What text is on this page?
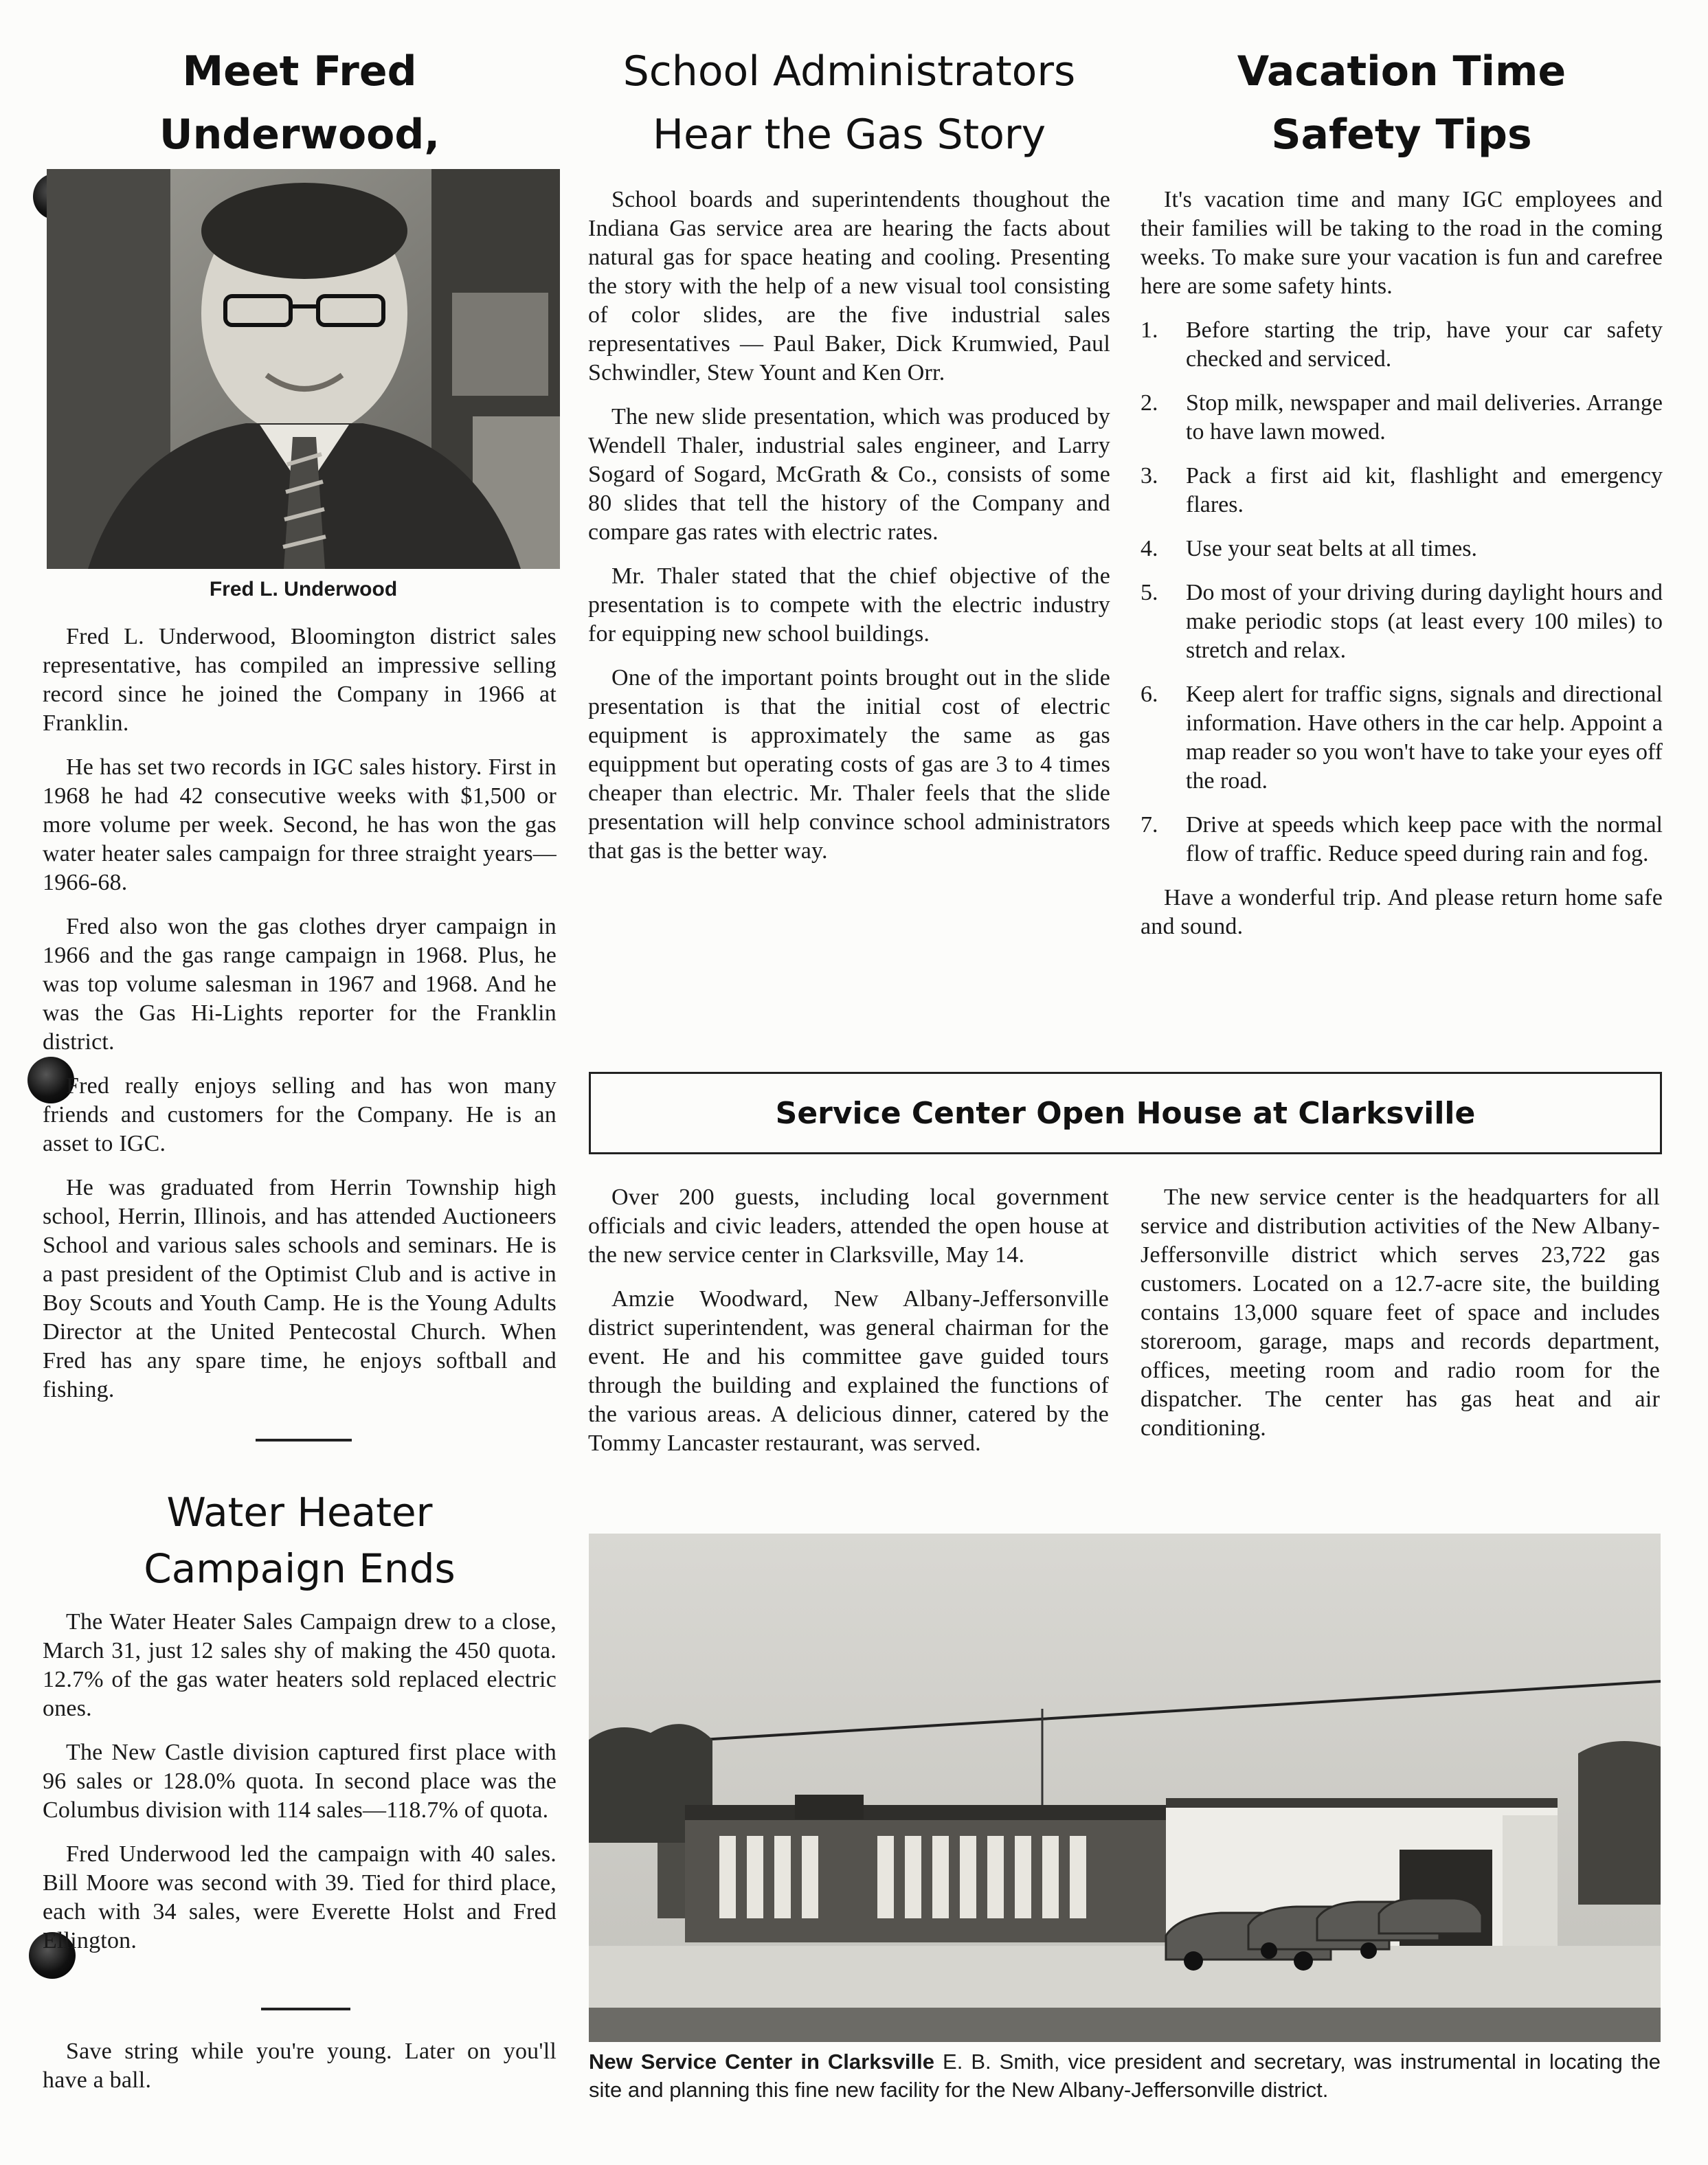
Meet Fred Underwood,

Fred L. Underwood

Fred L. Underwood, Bloomington district sales representative, has compiled an impressive selling record since he joined the Company in 1966 at Franklin.

He has set two records in IGC sales history. First in 1968 he had 42 consecutive weeks with $1,500 or more volume per week. Second, he has won the gas water heater sales campaign for three straight years—1966-68.

Fred also won the gas clothes dryer campaign in 1966 and the gas range campaign in 1968. Plus, he was top volume salesman in 1967 and 1968. And he was the Gas Hi-Lights reporter for the Franklin district.

Fred really enjoys selling and has won many friends and customers for the Company. He is an asset to IGC.

He was graduated from Herrin Township high school, Herrin, Illinois, and has attended Auctioneers School and various sales schools and seminars. He is a past president of the Optimist Club and is active in Boy Scouts and Youth Camp. He is the Young Adults Director at the United Pentecostal Church. When Fred has any spare time, he enjoys softball and fishing.

Water Heater
Campaign Ends

The Water Heater Sales Campaign drew to a close, March 31, just 12 sales shy of making the 450 quota. 12.7% of the gas water heaters sold replaced electric ones.

The New Castle division captured first place with 96 sales or 128.0% quota. In second place was the Columbus division with 114 sales—118.7% of quota.

Fred Underwood led the campaign with 40 sales. Bill Moore was second with 39. Tied for third place, each with 34 sales, were Everette Holst and Fred Ellington.

Save string while you're young. Later on you'll have a ball.

School Administrators
Hear the Gas Story

School boards and superintendents thoughout the Indiana Gas service area are hearing the facts about natural gas for space heating and cooling. Presenting the story with the help of a new visual tool consisting of color slides, are the five industrial sales representatives — Paul Baker, Dick Krumwied, Paul Schwindler, Stew Yount and Ken Orr.

The new slide presentation, which was produced by Wendell Thaler, industrial sales engineer, and Larry Sogard of Sogard, McGrath & Co., consists of some 80 slides that tell the history of the Company and compare gas rates with electric rates.

Mr. Thaler stated that the chief objective of the presentation is to compete with the electric industry for equipping new school buildings.

One of the important points brought out in the slide presentation is that the initial cost of electric equipment is approximately the same as gas equippment but operating costs of gas are 3 to 4 times cheaper than electric. Mr. Thaler feels that the slide presentation will help convince school administrators that gas is the better way.

Vacation Time
Safety Tips

It's vacation time and many IGC employees and their families will be taking to the road in the coming weeks. To make sure your vacation is fun and carefree here are some safety hints.

1. Before starting the trip, have your car safety checked and serviced.
2. Stop milk, newspaper and mail deliveries. Arrange to have lawn mowed.
3. Pack a first aid kit, flashlight and emergency flares.
4. Use your seat belts at all times.
5. Do most of your driving during daylight hours and make periodic stops (at least every 100 miles) to stretch and relax.
6. Keep alert for traffic signs, signals and directional information. Have others in the car help. Appoint a map reader so you won't have to take your eyes off the road.
7. Drive at speeds which keep pace with the normal flow of traffic. Reduce speed during rain and fog.

Have a wonderful trip. And please return home safe and sound.

Service Center Open House at Clarksville

Over 200 guests, including local government officials and civic leaders, attended the open house at the new service center in Clarksville, May 14.

Amzie Woodward, New Albany-Jeffersonville district superintendent, was general chairman for the event. He and his committee gave guided tours through the building and explained the functions of the various areas. A delicious dinner, catered by the Tommy Lancaster restaurant, was served.

The new service center is the headquarters for all service and distribution activities of the New Albany-Jeffersonville district which serves 23,722 gas customers. Located on a 12.7-acre site, the building contains 13,000 square feet of space and includes storeroom, garage, maps and records department, offices, meeting room and radio room for the dispatcher. The center has gas heat and air conditioning.

New Service Center in Clarksville E. B. Smith, vice president and secretary, was instrumental in locating the site and planning this fine new facility for the New Albany-Jeffersonville district.
